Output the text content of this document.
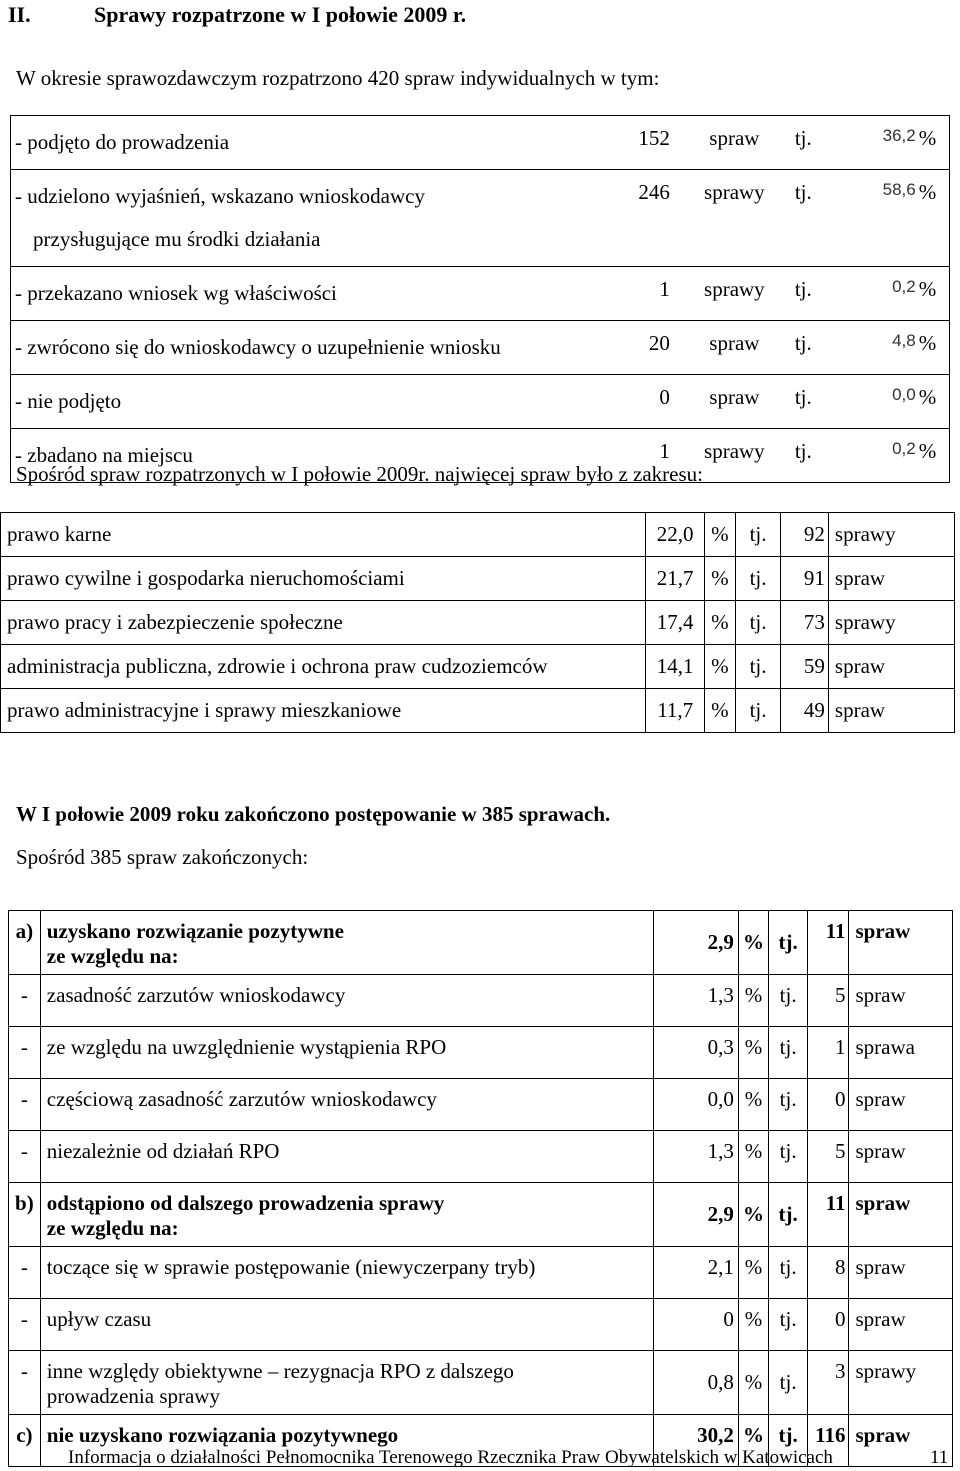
II.	Sprawy rozpatrzone w I połowie 2009 r.
W okresie sprawozdawczym rozpatrzono 420 spraw indywidualnych w tym:
- podjęto do prowadzenia	152	spraw	tj.	36,2	%

- udzielono wyjaśnień, wskazano wnioskodawcy
przysługujące mu środki działania	246	sprawy	tj.	58,6	%

- przekazano wniosek wg właściwości	1	sprawy	tj.	0,2	%

- zwrócono się do wnioskodawcy o uzupełnienie wniosku	20	spraw	tj.	4,8	%

- nie podjęto	0	spraw	tj.	0,0	%

- zbadano na miejscu	1	sprawy	tj.	0,2	%
Spośród spraw rozpatrzonych w I połowie 2009r. najwięcej spraw było z zakresu:
prawo karne	22,0	%	tj.	92	sprawy
prawo cywilne i gospodarka nieruchomościami	21,7	%	tj.	91	spraw
prawo pracy i zabezpieczenie społeczne	17,4	%	tj.	73	sprawy
administracja publiczna, zdrowie i ochrona praw cudzoziemców	14,1	%	tj.	59	spraw
prawo administracyjne i sprawy mieszkaniowe	11,7	%	tj.	49	spraw
W I połowie 2009 roku zakończono postępowanie w 385 sprawach.
Spośród 385 spraw zakończonych:
a)	uzyskano rozwiązanie pozytywne
ze względu na:	2,9	%	tj.	11	spraw
-	zasadność zarzutów wnioskodawcy	1,3	%	tj.	5	spraw
-	ze względu na uwzględnienie wystąpienia RPO	0,3	%	tj.	1	sprawa
-	częściową zasadność zarzutów wnioskodawcy	0,0	%	tj.	0	spraw
-	niezależnie od działań RPO	1,3	%	tj.	5	spraw
b)	odstąpiono od dalszego prowadzenia sprawy
ze względu na:	2,9	%	tj.	11	spraw
-	toczące się w sprawie postępowanie (niewyczerpany tryb)	2,1	%	tj.	8	spraw
-	upływ czasu	0	%	tj.	0	spraw
-	inne względy obiektywne – rezygnacja RPO z dalszego
prowadzenia sprawy	0,8	%	tj.	3	sprawy
c)	nie uzyskano rozwiązania pozytywnego	30,2	%	tj.	116	spraw
Informacja o działalności Pełnomocnika Terenowego Rzecznika Praw Obywatelskich w Katowicach	11
